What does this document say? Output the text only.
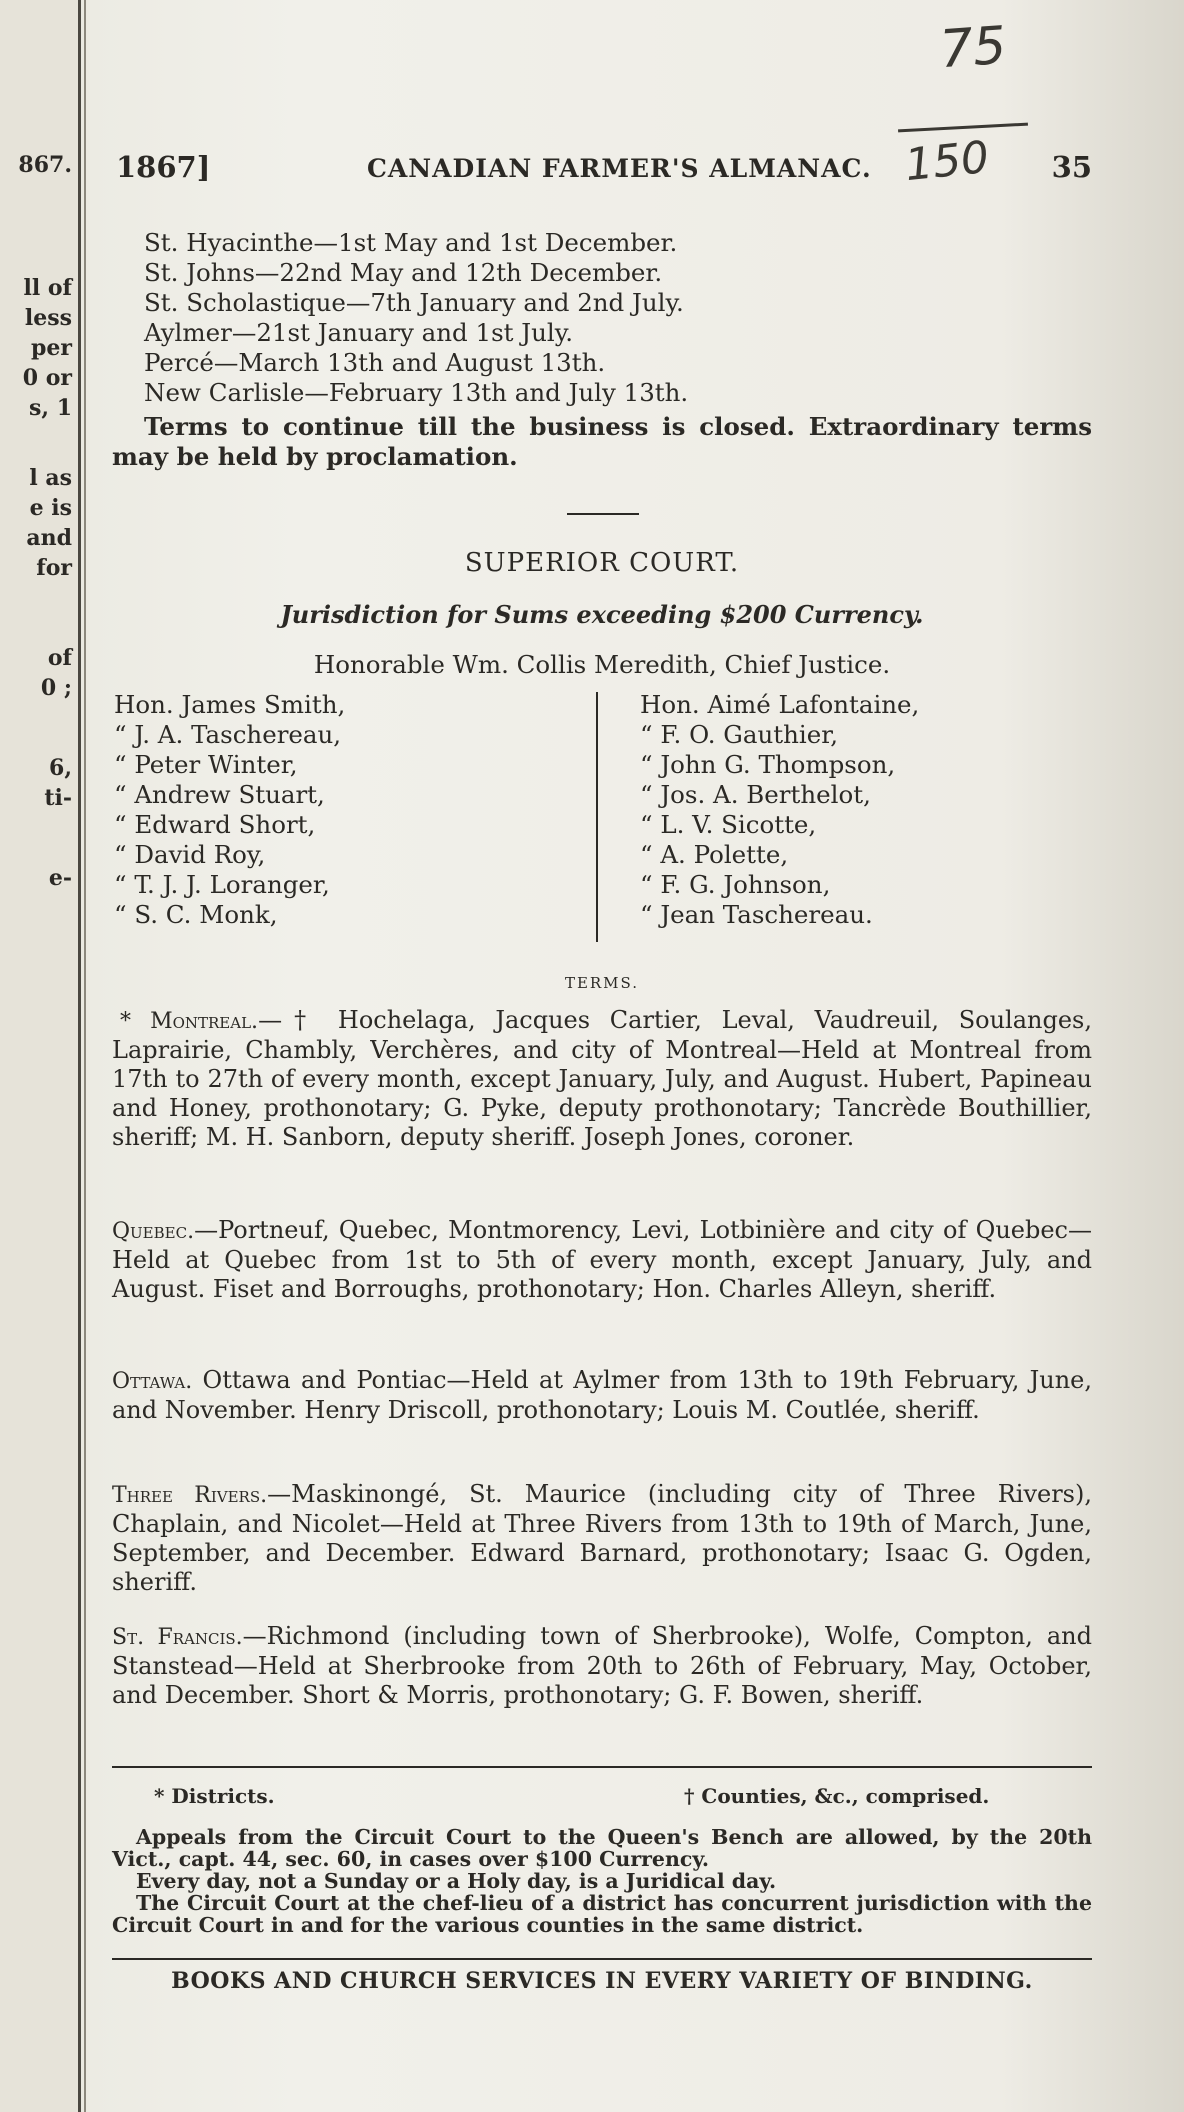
867.
ll of
less
per
0 or
s, 1
l as
e is
and
for
of
0 ;
6,
ti-
e-
75
150
1867]	CANADIAN FARMER'S ALMANAC.	35

St. Hyacinthe—1st May and 1st December.

St. Johns—22nd May and 12th December.

St. Scholastique—7th January and 2nd July.

Aylmer—21st January and 1st July.

Percé—March 13th and August 13th.

New Carlisle—February 13th and July 13th.

Terms to continue till the business is closed. Extraordinary terms may be held by proclamation.

SUPERIOR COURT.
Jurisdiction for Sums exceeding $200 Currency.
Honorable Wm. Collis Meredith, Chief Justice.
Hon. James Smith,
“ J. A. Taschereau,
“ Peter Winter,
“ Andrew Stuart,
“ Edward Short,
“ David Roy,
“ T. J. J. Loranger,
“ S. C. Monk,
Hon. Aimé Lafontaine,
“ F. O. Gauthier,
“ John G. Thompson,
“ Jos. A. Berthelot,
“ L. V. Sicotte,
“ A. Polette,
“ F. G. Johnson,
“ Jean Taschereau.
TERMS.
* Montreal.—† Hochelaga, Jacques Cartier, Leval, Vaudreuil, Soulanges, Laprairie, Chambly, Verchères, and city of Montreal—Held at Montreal from 17th to 27th of every month, except January, July, and August. Hubert, Papineau and Honey, prothonotary; G. Pyke, deputy prothonotary; Tancrède Bouthillier, sheriff; M. H. Sanborn, deputy sheriff. Joseph Jones, coroner.
Quebec.—Portneuf, Quebec, Montmorency, Levi, Lotbinière and city of Quebec—Held at Quebec from 1st to 5th of every month, except January, July, and August. Fiset and Borroughs, prothonotary; Hon. Charles Alleyn, sheriff.
Ottawa. Ottawa and Pontiac—Held at Aylmer from 13th to 19th February, June, and November. Henry Driscoll, prothonotary; Louis M. Coutlée, sheriff.
Three Rivers.—Maskinongé, St. Maurice (including city of Three Rivers), Chaplain, and Nicolet—Held at Three Rivers from 13th to 19th of March, June, September, and December. Edward Barnard, prothonotary; Isaac G. Ogden, sheriff.
St. Francis.—Richmond (including town of Sherbrooke), Wolfe, Compton, and Stanstead—Held at Sherbrooke from 20th to 26th of February, May, October, and December. Short & Morris, prothonotary; G. F. Bowen, sheriff.
* Districts.	† Counties, &c., comprised.
Appeals from the Circuit Court to the Queen's Bench are allowed, by the 20th Vict., capt. 44, sec. 60, in cases over $100 Currency.
Every day, not a Sunday or a Holy day, is a Juridical day.
The Circuit Court at the chef-lieu of a district has concurrent jurisdiction with the Circuit Court in and for the various counties in the same district.
BOOKS AND CHURCH SERVICES IN EVERY VARIETY OF BINDING.
